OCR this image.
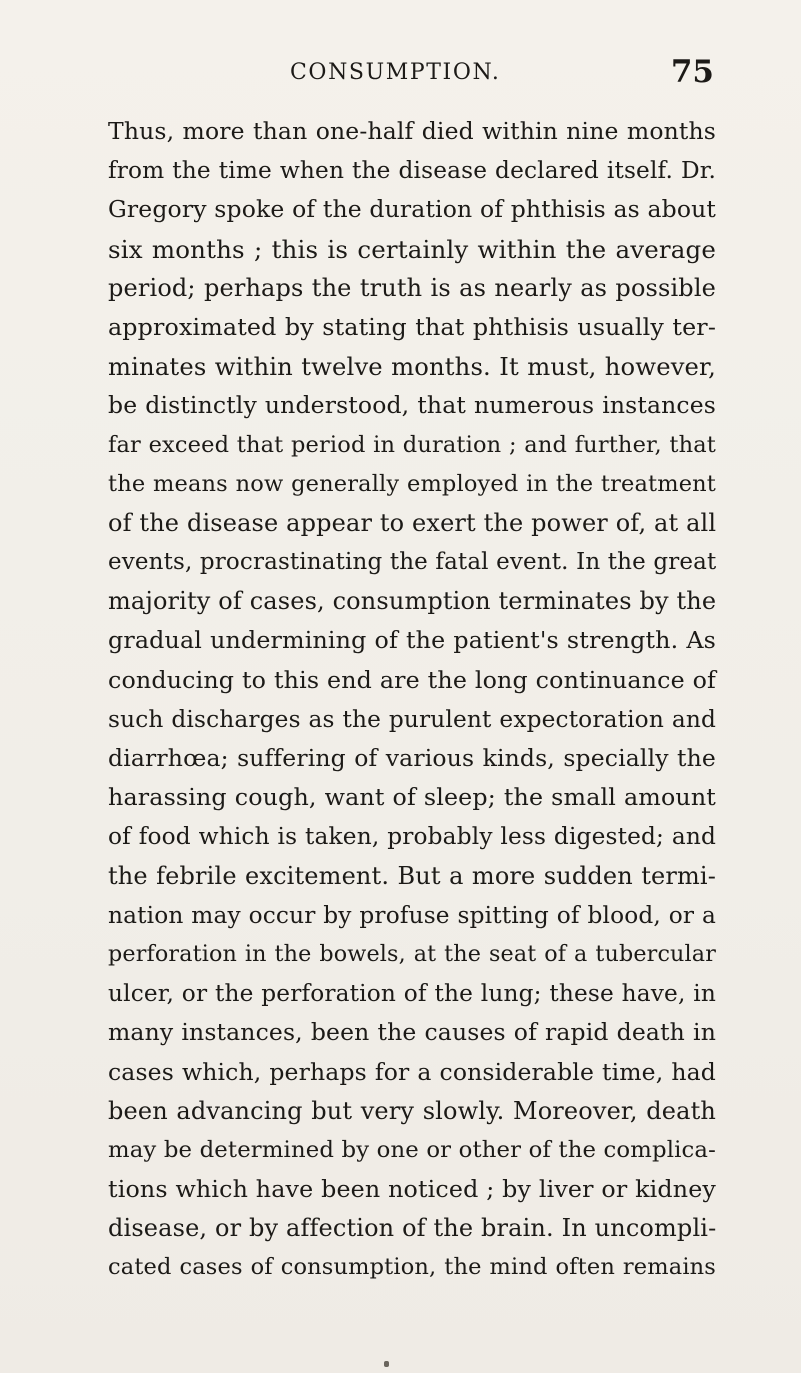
CONSUMPTION.	75
Thus, more than one-half died within nine months
from the time when the disease declared itself. Dr.
Gregory spoke of the duration of phthisis as about
six months ; this is certainly within the average
period; perhaps the truth is as nearly as possible
approximated by stating that phthisis usually ter-
minates within twelve months. It must, however,
be distinctly understood, that numerous instances
far exceed that period in duration ; and further, that
the means now generally employed in the treatment
of the disease appear to exert the power of, at all
events, procrastinating the fatal event. In the great
majority of cases, consumption terminates by the
gradual undermining of the patient's strength. As
conducing to this end are the long continuance of
such discharges as the purulent expectoration and
diarrhœa; suffering of various kinds, specially the
harassing cough, want of sleep; the small amount
of food which is taken, probably less digested; and
the febrile excitement. But a more sudden termi-
nation may occur by profuse spitting of blood, or a
perforation in the bowels, at the seat of a tubercular
ulcer, or the perforation of the lung; these have, in
many instances, been the causes of rapid death in
cases which, perhaps for a considerable time, had
been advancing but very slowly. Moreover, death
may be determined by one or other of the complica-
tions which have been noticed ; by liver or kidney
disease, or by affection of the brain. In uncompli-
cated cases of consumption, the mind often remains
